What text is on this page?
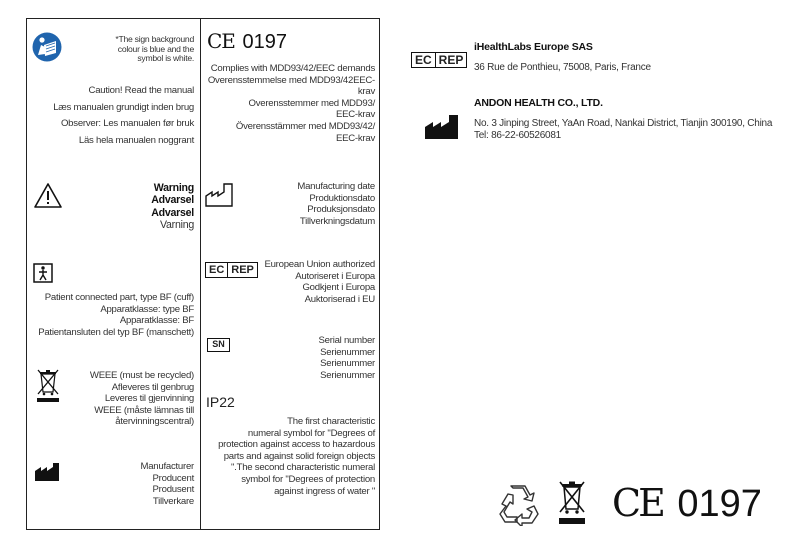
*The sign background
colour is blue and the
symbol is white.
Caution! Read the manual
Læs manualen grundigt inden brug
Observer: Les manualen før bruk
Läs hela manualen noggrant
Warning
Advarsel
Advarsel
Varning
Patient connected part, type BF (cuff)
Apparatklasse: type BF
Apparatklasse: BF
Patientansluten del typ BF (manschett)
WEEE (must be recycled)
Afleveres til genbrug
Leveres til gjenvinning
WEEE (måste lämnas till
återvinningscentral)
Manufacturer
Producent
Produsent
Tillverkare
CE 0197
Complies with MDD93/42/EEC demands
Overensstemmelse med MDD93/42EEC-
krav
Overensstemmer med MDD93/
EEC-krav
Överensstämmer med MDD93/42/
EEC-krav
Manufacturing date
Produktionsdato
Produksjonsdato
Tillverkningsdatum
EC REP	European Union authorized
Autoriseret i Europa
Godkjent i Europa
Auktoriserad i EU
SN	Serial number
Serienummer
Serienummer
Serienummer
IP22
The first characteristic
numeral symbol for "Degrees of
protection against access to hazardous
parts and against solid foreign objects
".The second characteristic numeral
symbol for "Degrees of protection
against ingress of water "
EC REP
iHealthLabs Europe SAS
36 Rue de Ponthieu, 75008, Paris, France
ANDON HEALTH CO., LTD.
No. 3 Jinping Street, YaAn Road, Nankai District, Tianjin 300190, China
Tel: 86-22-60526081
CE 0197
